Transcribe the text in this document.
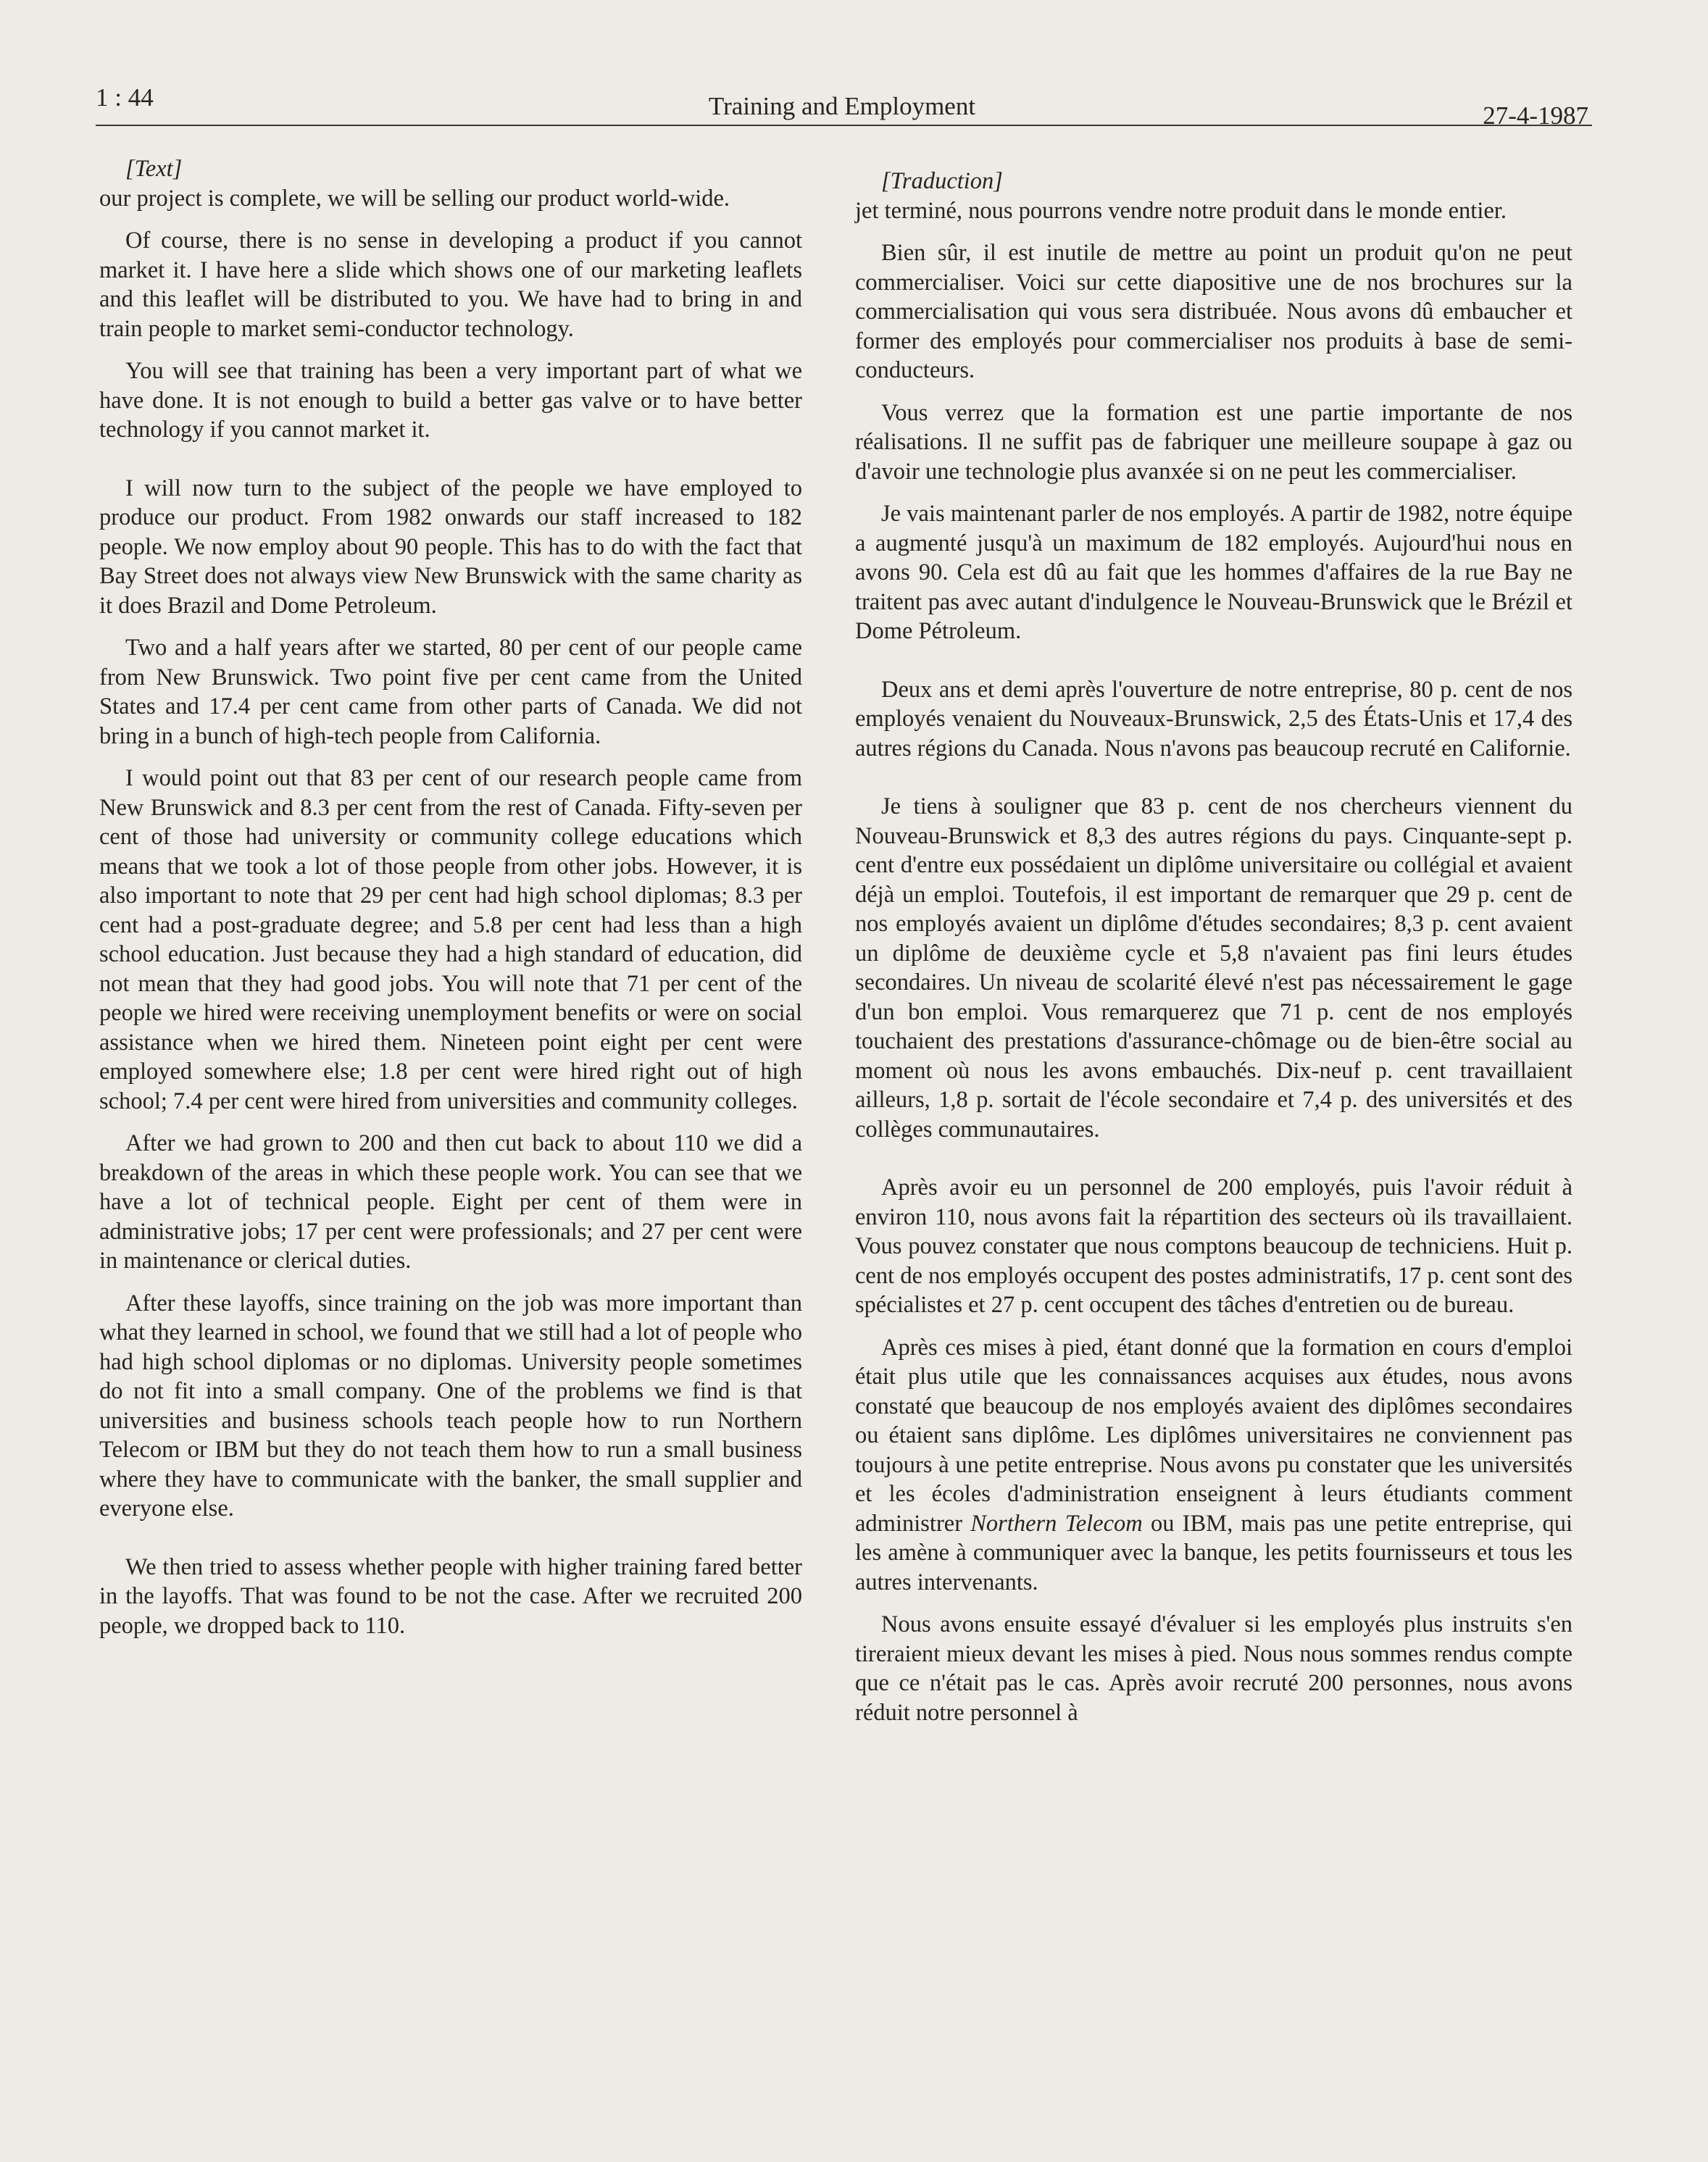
1 : 44	Training and Employment	27-4-1987

[Text]

our project is complete, we will be selling our product world-wide.

Of course, there is no sense in developing a product if you cannot market it. I have here a slide which shows one of our marketing leaflets and this leaflet will be distributed to you. We have had to bring in and train people to market semi-conductor technology.

You will see that training has been a very important part of what we have done. It is not enough to build a better gas valve or to have better technology if you cannot market it.

I will now turn to the subject of the people we have employed to produce our product. From 1982 onwards our staff increased to 182 people. We now employ about 90 people. This has to do with the fact that Bay Street does not always view New Brunswick with the same charity as it does Brazil and Dome Petroleum.

Two and a half years after we started, 80 per cent of our people came from New Brunswick. Two point five per cent came from the United States and 17.4 per cent came from other parts of Canada. We did not bring in a bunch of high-tech people from California.

I would point out that 83 per cent of our research people came from New Brunswick and 8.3 per cent from the rest of Canada. Fifty-seven per cent of those had university or community college educations which means that we took a lot of those people from other jobs. However, it is also important to note that 29 per cent had high school diplomas; 8.3 per cent had a post-graduate degree; and 5.8 per cent had less than a high school education. Just because they had a high standard of education, did not mean that they had good jobs. You will note that 71 per cent of the people we hired were receiving unemployment benefits or were on social assistance when we hired them. Nineteen point eight per cent were employed somewhere else; 1.8 per cent were hired right out of high school; 7.4 per cent were hired from universities and community colleges.

After we had grown to 200 and then cut back to about 110 we did a breakdown of the areas in which these people work. You can see that we have a lot of technical people. Eight per cent of them were in administrative jobs; 17 per cent were professionals; and 27 per cent were in maintenance or clerical duties.

After these layoffs, since training on the job was more important than what they learned in school, we found that we still had a lot of people who had high school diplomas or no diplomas. University people sometimes do not fit into a small company. One of the problems we find is that universities and business schools teach people how to run Northern Telecom or IBM but they do not teach them how to run a small business where they have to communicate with the banker, the small supplier and everyone else.

We then tried to assess whether people with higher training fared better in the layoffs. That was found to be not the case. After we recruited 200 people, we dropped back to 110.

[Traduction]

jet terminé, nous pourrons vendre notre produit dans le monde entier.

Bien sûr, il est inutile de mettre au point un produit qu'on ne peut commercialiser. Voici sur cette diapositive une de nos brochures sur la commercialisation qui vous sera distribuée. Nous avons dû embaucher et former des employés pour commercialiser nos produits à base de semi-conducteurs.

Vous verrez que la formation est une partie importante de nos réalisations. Il ne suffit pas de fabriquer une meilleure soupape à gaz ou d'avoir une technologie plus avanxée si on ne peut les commercialiser.

Je vais maintenant parler de nos employés. A partir de 1982, notre équipe a augmenté jusqu'à un maximum de 182 employés. Aujourd'hui nous en avons 90. Cela est dû au fait que les hommes d'affaires de la rue Bay ne traitent pas avec autant d'indulgence le Nouveau-Brunswick que le Brézil et Dome Pétroleum.

Deux ans et demi après l'ouverture de notre entreprise, 80 p. cent de nos employés venaient du Nouveaux-Brunswick, 2,5 des États-Unis et 17,4 des autres régions du Canada. Nous n'avons pas beaucoup recruté en Californie.

Je tiens à souligner que 83 p. cent de nos chercheurs viennent du Nouveau-Brunswick et 8,3 des autres régions du pays. Cinquante-sept p. cent d'entre eux possédaient un diplôme universitaire ou collégial et avaient déjà un emploi. Toutefois, il est important de remarquer que 29 p. cent de nos employés avaient un diplôme d'études secondaires; 8,3 p. cent avaient un diplôme de deuxième cycle et 5,8 n'avaient pas fini leurs études secondaires. Un niveau de scolarité élevé n'est pas nécessairement le gage d'un bon emploi. Vous remarquerez que 71 p. cent de nos employés touchaient des prestations d'assurance-chômage ou de bien-être social au moment où nous les avons embauchés. Dix-neuf p. cent travaillaient ailleurs, 1,8 p. sortait de l'école secondaire et 7,4 p. des universités et des collèges communautaires.

Après avoir eu un personnel de 200 employés, puis l'avoir réduit à environ 110, nous avons fait la répartition des secteurs où ils travaillaient. Vous pouvez constater que nous comptons beaucoup de techniciens. Huit p. cent de nos employés occupent des postes administratifs, 17 p. cent sont des spécialistes et 27 p. cent occupent des tâches d'entretien ou de bureau.

Après ces mises à pied, étant donné que la formation en cours d'emploi était plus utile que les connaissances acquises aux études, nous avons constaté que beaucoup de nos employés avaient des diplômes secondaires ou étaient sans diplôme. Les diplômes universitaires ne conviennent pas toujours à une petite entreprise. Nous avons pu constater que les universités et les écoles d'administration enseignent à leurs étudiants comment administrer Northern Telecom ou IBM, mais pas une petite entreprise, qui les amène à communiquer avec la banque, les petits fournisseurs et tous les autres intervenants.

Nous avons ensuite essayé d'évaluer si les employés plus instruits s'en tireraient mieux devant les mises à pied. Nous nous sommes rendus compte que ce n'était pas le cas. Après avoir recruté 200 personnes, nous avons réduit notre personnel à
